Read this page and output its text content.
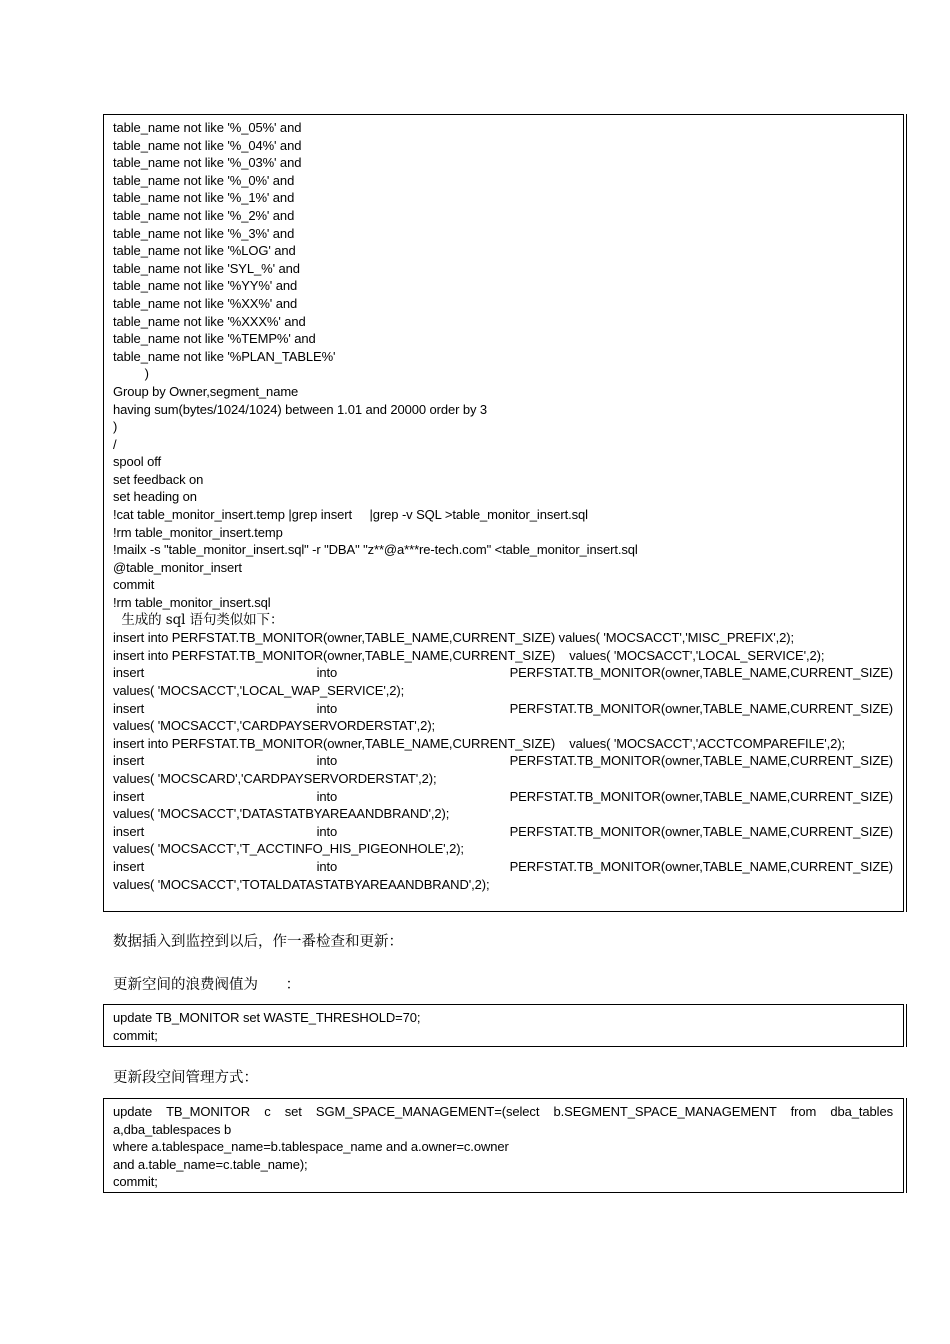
table_name not like '%_05%' and
table_name not like '%_04%' and
table_name not like '%_03%' and
table_name not like '%_0%' and
table_name not like '%_1%' and
table_name not like '%_2%' and
table_name not like '%_3%' and
table_name not like '%LOG' and
table_name not like 'SYL_%' and
table_name not like '%YY%' and
table_name not like '%XX%' and
table_name not like '%XXX%' and
table_name not like '%TEMP%' and
table_name not like '%PLAN_TABLE%'
)
Group by Owner,segment_name
having sum(bytes/1024/1024) between 1.01 and 20000 order by 3
)
/
spool off
set feedback on
set heading on
!cat table_monitor_insert.temp |grep insert     |grep -v SQL >table_monitor_insert.sql
!rm table_monitor_insert.temp
!mailx -s "table_monitor_insert.sql" -r "DBA" "z**@a***re-tech.com" <table_monitor_insert.sql
@table_monitor_insert
commit
!rm table_monitor_insert.sql
生成的 sql 语句类似如下：
insert into PERFSTAT.TB_MONITOR(owner,TABLE_NAME,CURRENT_SIZE) values( 'MOCSACCT','MISC_PREFIX',2);
insert into PERFSTAT.TB_MONITOR(owner,TABLE_NAME,CURRENT_SIZE)    values( 'MOCSACCT','LOCAL_SERVICE',2);
insert into PERFSTAT.TB_MONITOR(owner,TABLE_NAME,CURRENT_SIZE)
values( 'MOCSACCT','LOCAL_WAP_SERVICE',2);
insert into PERFSTAT.TB_MONITOR(owner,TABLE_NAME,CURRENT_SIZE)
values( 'MOCSACCT','CARDPAYSERVORDERSTAT',2);
insert into PERFSTAT.TB_MONITOR(owner,TABLE_NAME,CURRENT_SIZE)    values( 'MOCSACCT','ACCTCOMPAREFILE',2);
insert into PERFSTAT.TB_MONITOR(owner,TABLE_NAME,CURRENT_SIZE)
values( 'MOCSCARD','CARDPAYSERVORDERSTAT',2);
insert into PERFSTAT.TB_MONITOR(owner,TABLE_NAME,CURRENT_SIZE)
values( 'MOCSACCT','DATASTATBYAREAANDBRAND',2);
insert into PERFSTAT.TB_MONITOR(owner,TABLE_NAME,CURRENT_SIZE)
values( 'MOCSACCT','T_ACCTINFO_HIS_PIGEONHOLE',2);
insert into PERFSTAT.TB_MONITOR(owner,TABLE_NAME,CURRENT_SIZE)
values( 'MOCSACCT','TOTALDATASTATBYAREAANDBRAND',2);
数据插入到监控到以后，作一番检查和更新：
更新空间的浪费阀值为      ：
update TB_MONITOR set WASTE_THRESHOLD=70;
commit;
更新段空间管理方式：
update TB_MONITOR c set SGM_SPACE_MANAGEMENT=(select b.SEGMENT_SPACE_MANAGEMENT from dba_tables
a,dba_tablespaces b
where a.tablespace_name=b.tablespace_name and a.owner=c.owner
and a.table_name=c.table_name);
commit;
